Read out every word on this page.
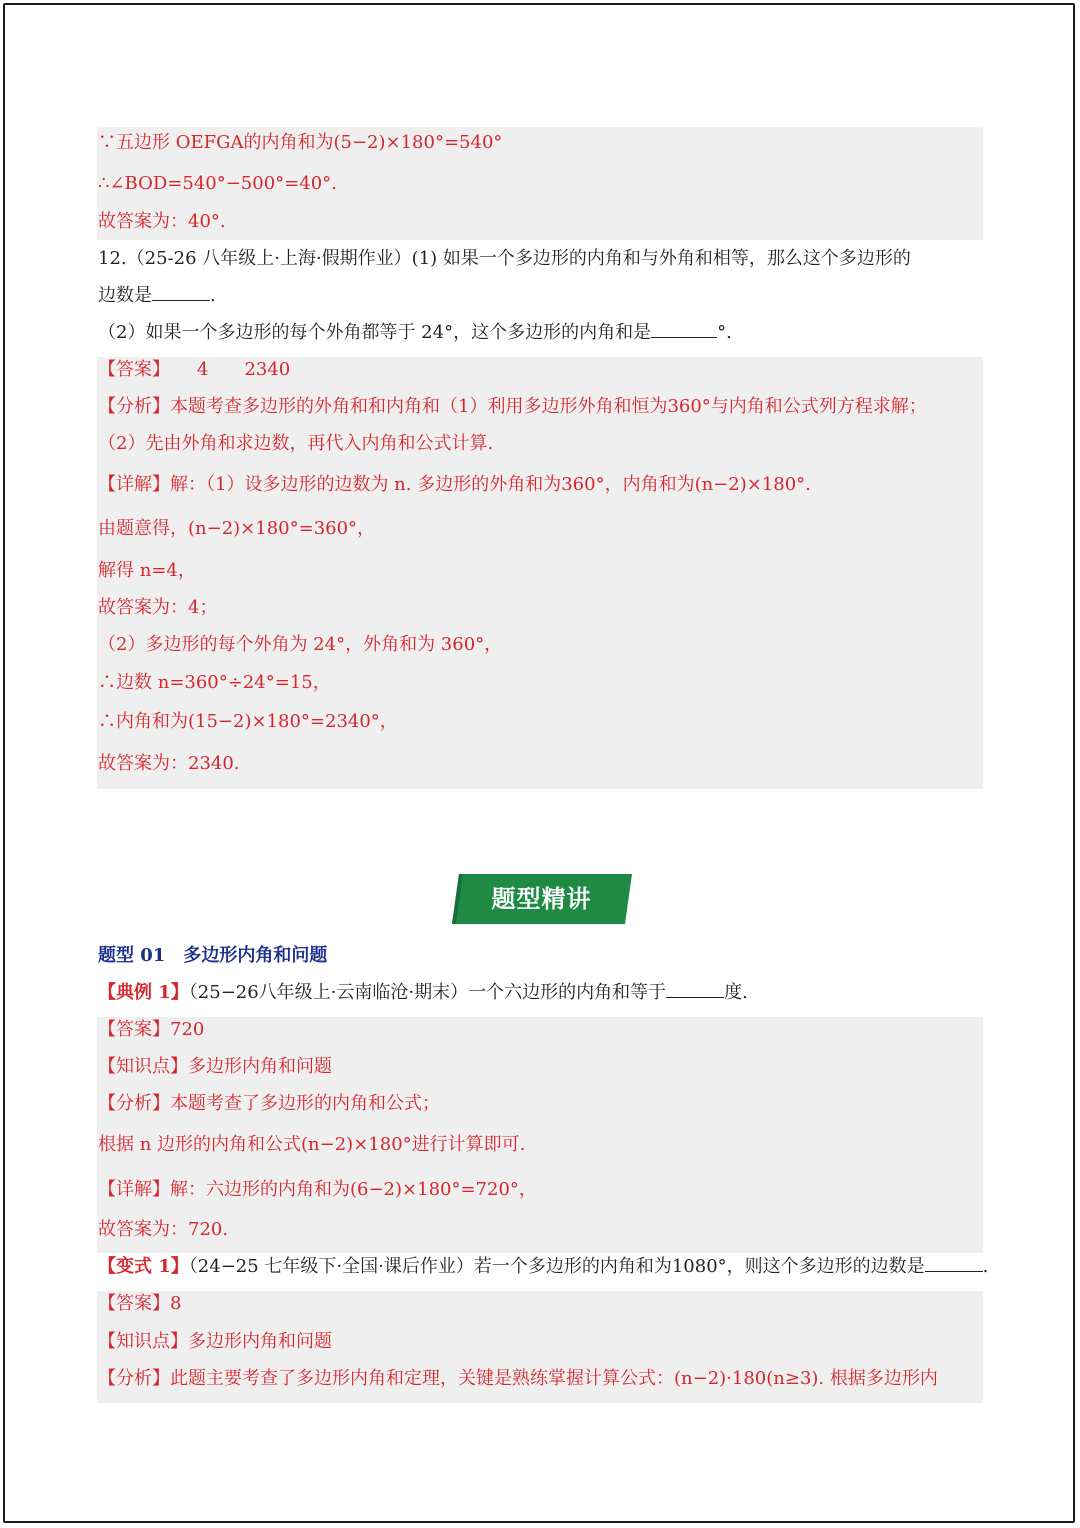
∵五边形 OEFGA的内角和为(5−2)×180°=540°
∴∠BOD=540°−500°=40°.
故答案为：40°.
12.（25-26 八年级上·上海·假期作业）(1) 如果一个多边形的内角和与外角和相等，那么这个多边形的
边数是	.
（2）如果一个多边形的每个外角都等于 24°，这个多边形的内角和是	°.
【答案】　　4　　2340
【分析】本题考查多边形的外角和和内角和（1）利用多边形外角和恒为360°与内角和公式列方程求解；
（2）先由外角和求边数，再代入内角和公式计算.
【详解】解：（1）设多边形的边数为 n. 多边形的外角和为360°，内角和为(n−2)×180°.
由题意得，(n−2)×180°=360°，
解得 n=4，
故答案为：4；
（2）多边形的每个外角为 24°，外角和为 360°，
∴边数 n=360°÷24°=15，
∴内角和为(15−2)×180°=2340°，
故答案为：2340.
题型精讲
题型 01　多边形内角和问题
【典例 1】（25−26八年级上·云南临沧·期末）一个六边形的内角和等于	度.
【答案】720
【知识点】多边形内角和问题
【分析】本题考查了多边形的内角和公式；
根据 n 边形的内角和公式(n−2)×180°进行计算即可.
【详解】解：六边形的内角和为(6−2)×180°=720°，
故答案为：720.
【变式 1】（24−25 七年级下·全国·课后作业）若一个多边形的内角和为1080°，则这个多边形的边数是	.
【答案】8
【知识点】多边形内角和问题
【分析】此题主要考查了多边形内角和定理，关键是熟练掌握计算公式：(n−2)·180(n≥3). 根据多边形内
